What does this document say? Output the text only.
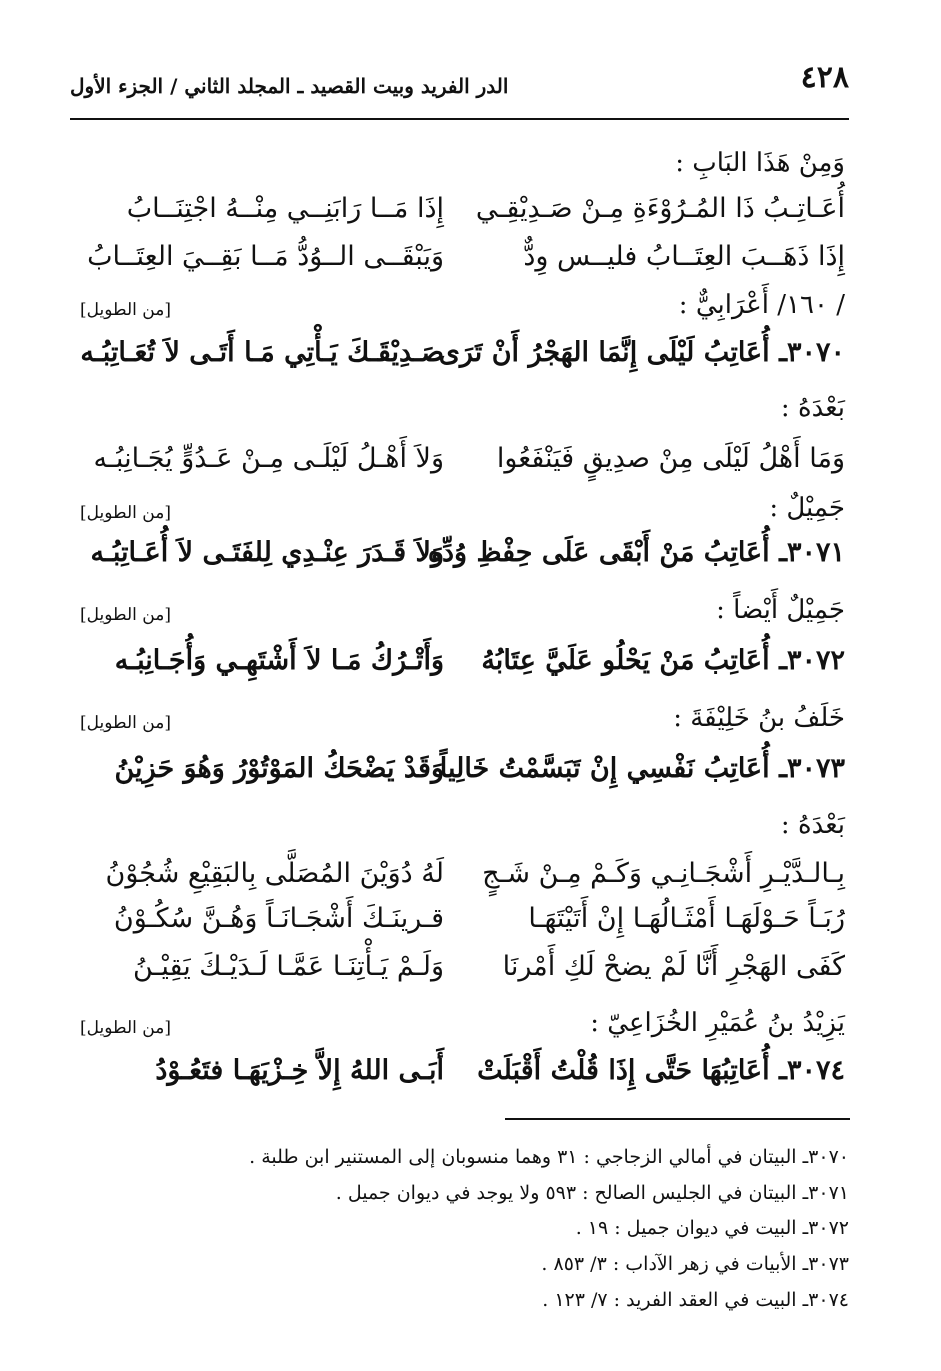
٤٢٨
الدر الفريد وبيت القصيد ـ المجلد الثاني / الجزء الأول
وَمِنْ هَذَا البَابِ :
أُعَـاتِـبُ ذَا المُـرُوْءَةِ مِـنْ صَـدِيْقِـي
إِذَا مَــا رَابَنِــي مِنْــهُ اجْتِنَــابُ
إِذَا ذَهَــبَ العِتَــابُ فليــس وِدٌّ
وَيَبْقَــى الــوُدُّ مَــا بَقِــيَ العِتَــابُ
/ ١٦٠/ أَعْرَابِيٌّ :
[من الطويل]
٣٠٧٠ـ أُعَاتِبُ لَيْلَى إِنَّمَا الهَجْرُ أَنْ تَرَى
صَـدِيْقَـكَ يَـأْتِي مَـا أَتَـى لاَ تُعَـاتِبُـه
بَعْدَهُ :
وَمَا أَهْلُ لَيْلَى مِنْ صدِيقٍ فَيَنْفَعُوا
وَلاَ أَهْـلُ لَيْلَـى مِـنْ عَـدُوٍّ يُجَـانِبُـه
جَمِيْلٌ :
[من الطويل]
٣٠٧١ـ أُعَاتِبُ مَنْ أَبْقَى عَلَى حِفْظِ وُدِّهِ
وَلاَ قَـدَرَ عِنْـدِي لِلفَتَـى لاَ أُعَـاتِبُـه
جَمِيْلٌ أَيْضاً :
[من الطويل]
٣٠٧٢ـ أُعَاتِبُ مَنْ يَحْلُو عَلَيَّ عِتَابُهُ
وَأَتْـرُكُ مَـا لاَ أَشْتَهِـي وَأُجَـانِبُـه
خَلَفُ بنُ خَلِيْفَةَ :
[من الطويل]
٣٠٧٣ـ أُعَاتِبُ نَفْسِي إِنْ تَبَسَّمْتُ خَالِياً
وَقَدْ يَضْحَكُ المَوْتُوْرُ وَهُوَ حَزِيْنُ
بَعْدَهُ :
بِـالـدَّيْـرِ أَشْجَـانِـي وَكَـمْ مِـنْ شَـجٍ
لَهُ دُوَيْنَ المُصَلَّى بِالبَقِيْعِ شُجُوْنُ
رُبَـاً حَـوْلَهَـا أَمْثَـالُهَـا إِنْ أَتَيْتَهَـا
قـرينَـكَ أَشْجَـانَـاً وَهُـنَّ سُكُـوْنُ
كَفَى الهَجْرِ أَنَّا لَمْ يضحْ لَكِ أَمْرنَا
وَلَـمْ يَـأْتِنَـا عَمَّـا لَـدَيْـكَ يَقِيْـنُ
يَزِيْدُ بنُ عُمَيْرِ الخُزَاعِيّ :
[من الطويل]
٣٠٧٤ـ أُعَاتِبُهَا حَتَّى إِذَا قُلْتُ أَقْبَلَتْ
أَبَـى اللهُ إِلاَّ خِـزْيَهَـا فتَعُـوْدُ
٣٠٧٠ـ البيتان في أمالي الزجاجي : ٣١ وهما منسوبان إلى المستنير ابن طلبة .
٣٠٧١ـ البيتان في الجليس الصالح : ٥٩٣ ولا يوجد في ديوان جميل .
٣٠٧٢ـ البيت في ديوان جميل : ١٩ .
٣٠٧٣ـ الأبيات في زهر الآداب : ٣/ ٨٥٣ .
٣٠٧٤ـ البيت في العقد الفريد : ٧/ ١٢٣ .
